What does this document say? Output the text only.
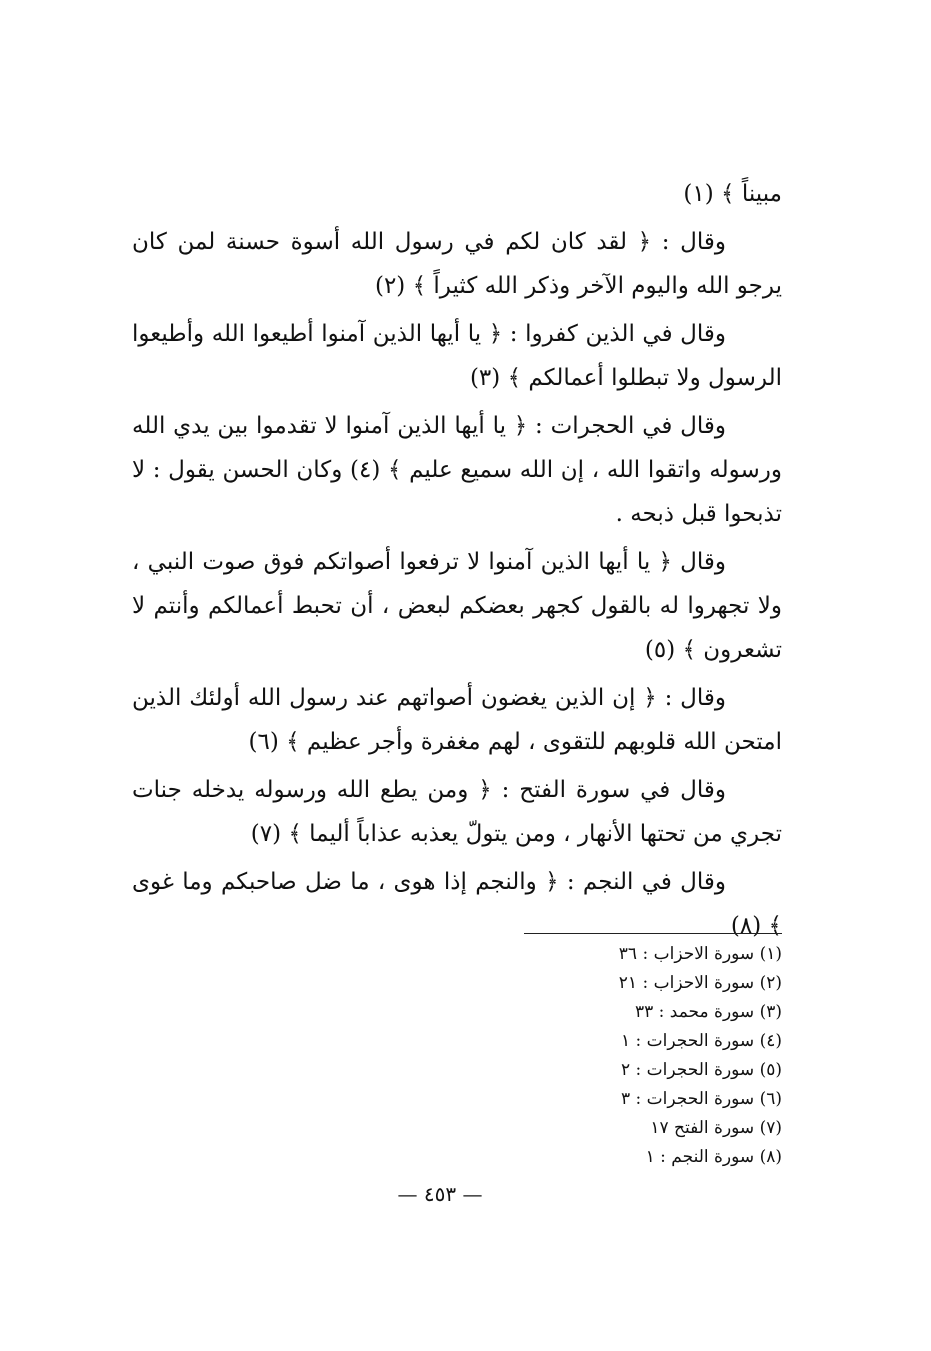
مبيناً ﴾ (١)

وقال : ﴿ لقد كان لكم في رسول الله أسوة حسنة لمن كان يرجو الله واليوم الآخر وذكر الله كثيراً ﴾ (٢)

وقال في الذين كفروا : ﴿ يا أيها الذين آمنوا أطيعوا الله وأطيعوا الرسول ولا تبطلوا أعمالكم ﴾ (٣)

وقال في الحجرات : ﴿ يا أيها الذين آمنوا لا تقدموا بين يدي الله ورسوله واتقوا الله ، إن الله سميع عليم ﴾ (٤) وكان الحسن يقول : لا تذبحوا قبل ذبحه .

وقال ﴿ يا أيها الذين آمنوا لا ترفعوا أصواتكم فوق صوت النبي ، ولا تجهروا له بالقول كجهر بعضكم لبعض ، أن تحبط أعمالكم وأنتم لا تشعرون ﴾ (٥)

وقال : ﴿ إن الذين يغضون أصواتهم عند رسول الله أولئك الذين امتحن الله قلوبهم للتقوى ، لهم مغفرة وأجر عظيم ﴾ (٦)

وقال في سورة الفتح : ﴿ ومن يطع الله ورسوله يدخله جنات تجري من تحتها الأنهار ، ومن يتولّ يعذبه عذاباً أليما ﴾ (٧)

وقال في النجم : ﴿ والنجم إذا هوى ، ما ضل صاحبكم وما غوى ﴾ (٨)

(١) سورة الاحزاب : ٣٦
(٢) سورة الاحزاب : ٢١
(٣) سورة محمد : ٣٣
(٤) سورة الحجرات : ١
(٥) سورة الحجرات : ٢
(٦) سورة الحجرات : ٣
(٧) سورة الفتح ١٧
(٨) سورة النجم : ١
— ٤٥٣ —
